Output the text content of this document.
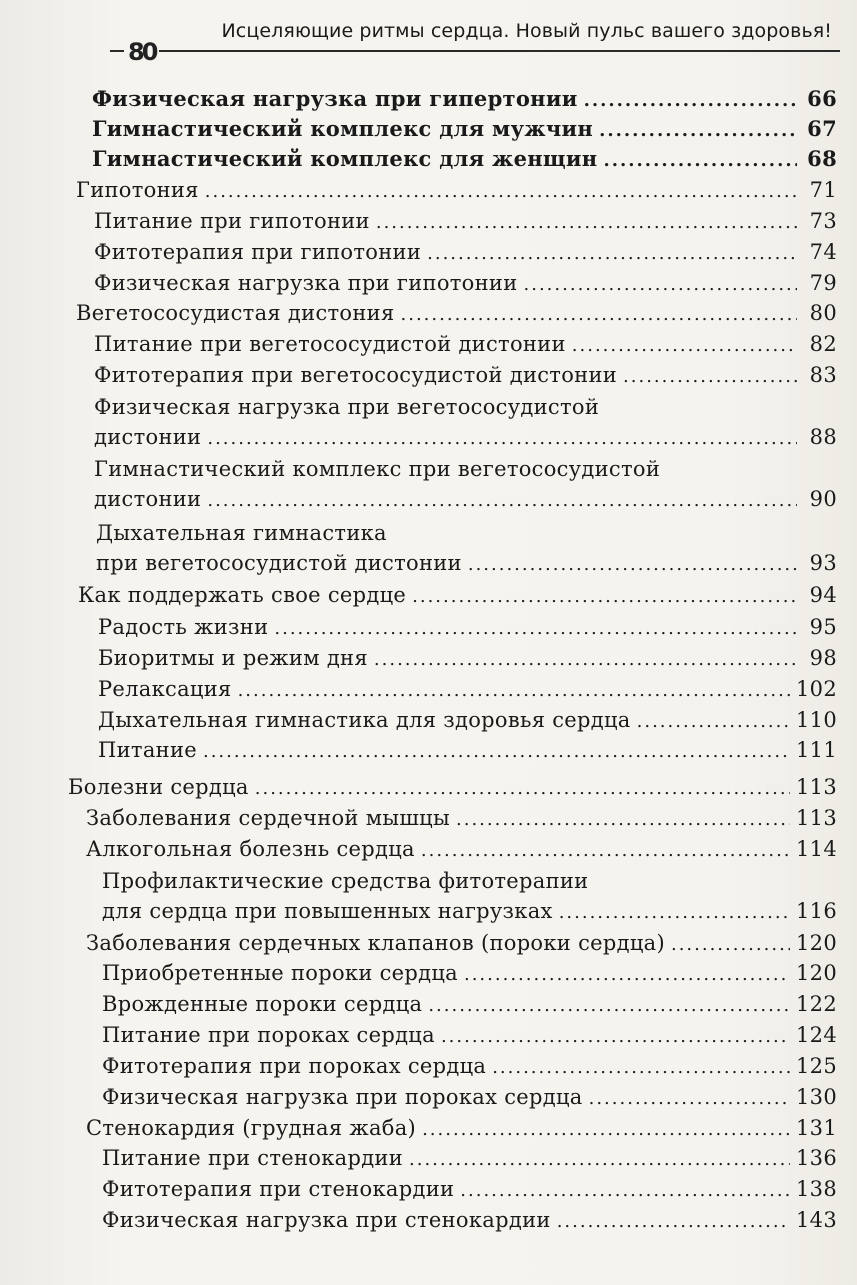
Исцеляющие ритмы сердца. Новый пульс вашего здоровья!
80
Физическая нагрузка при гипертонии .....	66
Гимнастический комплекс для мужчин .....	67
Гимнастический комплекс для женщин .....	68
Гипотония .....	71
Питание при гипотонии .....	73
Фитотерапия при гипотонии .....	74
Физическая нагрузка при гипотонии .....	79
Вегетососудистая дистония .....	80
Питание при вегетососудистой дистонии .....	82
Фитотерапия при вегетососудистой дистонии .....	83
Физическая нагрузка при вегетососудистой
дистонии .....	88
Гимнастический комплекс при вегетососудистой
дистонии .....	90
Дыхательная гимнастика
при вегетососудистой дистонии .....	93
Как поддержать свое сердце .....	94
Радость жизни .....	95
Биоритмы и режим дня .....	98
Релаксация .....	102
Дыхательная гимнастика для здоровья сердца .....	110
Питание .....	111
Болезни сердца .....	113
Заболевания сердечной мышцы .....	113
Алкогольная болезнь сердца .....	114
Профилактические средства фитотерапии
для сердца при повышенных нагрузках .....	116
Заболевания сердечных клапанов (пороки сердца) .....	120
Приобретенные пороки сердца .....	120
Врожденные пороки сердца .....	122
Питание при пороках сердца .....	124
Фитотерапия при пороках сердца .....	125
Физическая нагрузка при пороках сердца .....	130
Стенокардия (грудная жаба) .....	131
Питание при стенокардии .....	136
Фитотерапия при стенокардии .....	138
Физическая нагрузка при стенокардии .....	143
